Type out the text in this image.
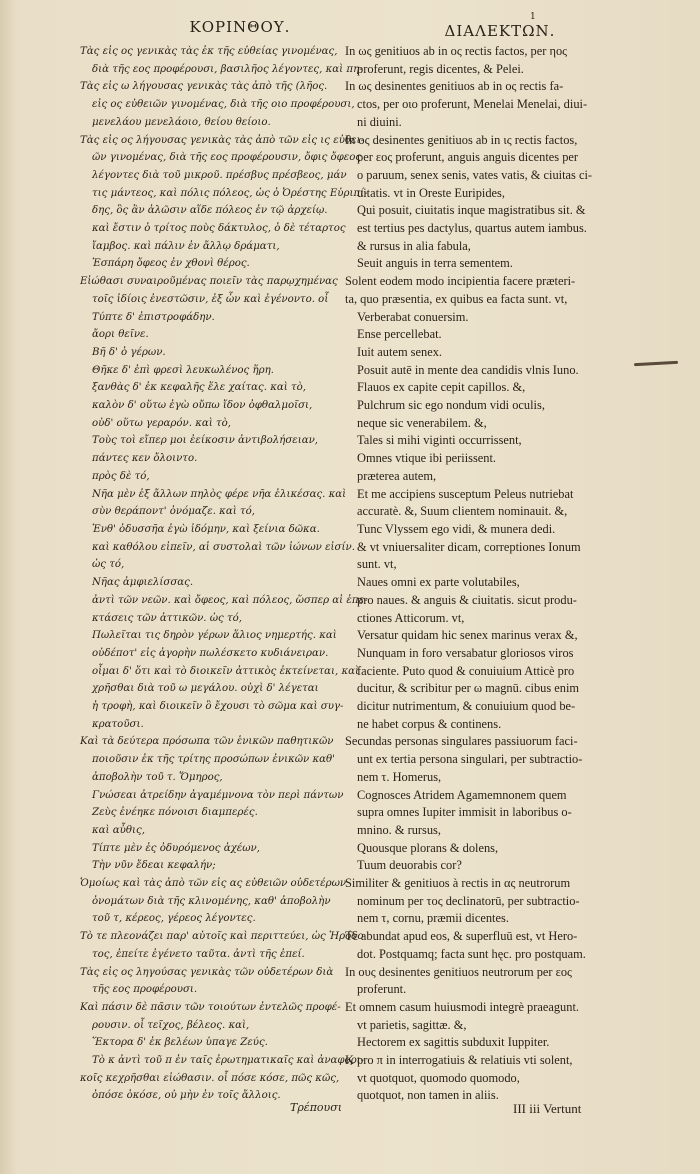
ΚΟΡΙΝΘΟΥ.
1
ΔΙΑΛΕΚΤΩΝ.
Τὰς εἰς ος γενικὰς τὰς ἐκ τῆς εὐθείας γινομένας,
διὰ τῆς εος προφέρουσι, βασιλῆος λέγοντες, καὶ πη-
Τὰς εἰς ω λήγουσας γενικὰς τὰς ἀπὸ τῆς (λῆος.
εἰς ος εὐθειῶν γινομένας, διὰ τῆς οιο προφέρουσι,
μενελάου μενελάοιο, θείου θείοιο.
Τὰς εἰς ος λήγουσας γενικὰς τὰς ἀπὸ τῶν εἰς ις εὐθει-
ῶν γινομένας, διὰ τῆς εος προφέρουσιν, ὄφις ὄφεος
λέγοντες διὰ τοῦ μικροῦ. πρέσβυς πρέσβεος, μάν
τις μάντεος, καὶ πόλις πόλεος, ὡς ὁ Ὀρέστης Εὐριπί-
δης, ὃς ἂν ἁλῶσιν αἵδε πόλεος ἐν τῷ ἀρχείῳ.
καὶ ἔστιν ὁ τρίτος ποὺς δάκτυλος, ὁ δὲ τέταρτος
ἴαμβος. καὶ πάλιν ἐν ἄλλῳ δράματι,
Ἐσπάρη ὄφεος ἐν χθονὶ θέρος.
Εἰώθασι συναιροῦμένας ποιεῖν τὰς παρῳχημένας
τοῖς ἰδίοις ἐνεστῶσιν, ἐξ ὧν καὶ ἐγένοντο. οἷ
Τύπτε δ' ἐπιστροφάδην.
ἄορι θεῖνε.
Βῆ δ' ὁ γέρων.
Θῆκε δ' ἐπὶ φρεσὶ λευκωλένος ἥρη.
ξανθὰς δ' ἐκ κεφαλῆς ἕλε χαίτας. καὶ τὸ,
καλὸν δ' οὕτω ἐγὼ οὔπω ἴδον ὀφθαλμοῖσι,
οὐδ' οὕτω γεραρόν. καὶ τὸ,
Τοὺς τοὶ εἴπερ μοι ἐείκοσιν ἀντιβολήσειαν,
πάντες κεν ὄλοιντο.
πρὸς δὲ τό,
Νῆα μὲν ἐξ ἄλλων πηλὸς φέρε νῆα ἐλικέσας. καὶ
σὺν θεράποντ' ὀνόμαζε. καὶ τό,
Ἐνθ' ὀδυσσῆα ἐγὼ ἰδόμην, καὶ ξείνια δῶκα.
καὶ καθόλου εἰπεῖν, αἱ συστολαὶ τῶν ἰώνων εἰσίν.
ὡς τό,
Νῆας ἀμφιελίσσας.
ἀντὶ τῶν νεῶν. καὶ ὄφεος, καὶ πόλεος, ὥσπερ αἱ ἐπε-
κτάσεις τῶν ἀττικῶν. ὡς τό,
Πωλεῖται τις δηρὸν γέρων ἅλιος νημερτής. καὶ
οὐδέποτ' εἰς ἀγορὴν πωλέσκετο κυδιάνειραν.
οἶμαι δ' ὅτι καὶ τὸ διοικεῖν ἀττικὸς ἐκτείνεται, καὶ
χρῆσθαι διὰ τοῦ ω μεγάλου. οὐχὶ δ' λέγεται
ἡ τροφὴ, καὶ διοικεῖν ὃ ἔχουσι τὸ σῶμα καὶ συγ-
κρατοῦσι.
Καὶ τὰ δεύτερα πρόσωπα τῶν ἑνικῶν παθητικῶν
ποιοῦσιν ἐκ τῆς τρίτης προσώπων ἑνικῶν καθ'
ἀποβολὴν τοῦ τ. Ὅμηρος,
Γνώσεαι ἀτρείδην ἀγαμέμνονα τὸν περὶ πάντων
Ζεὺς ἐνέηκε πόνοισι διαμπερές.
καὶ αὖθις,
Τίπτε μὲν ἐς ὀδυρόμενος ἀχέων,
Τὴν νῦν ἔδεαι κεφαλήν;
Ὁμοίως καὶ τὰς ἀπὸ τῶν εἰς ας εὐθειῶν οὐδετέρων
ὀνομάτων διὰ τῆς κλινομένης, καθ' ἀποβολὴν
τοῦ τ, κέρεος, γέρεος λέγοντες.
Τὸ τε πλεονάζει παρ' αὐτοῖς καὶ περιττεύει, ὡς Ἡρόδο
τος, ἐπείτε ἐγένετο ταῦτα. ἀντὶ τῆς ἐπεί.
Τὰς εἰς ος ληγούσας γενικὰς τῶν οὐδετέρων διὰ
τῆς εος προφέρουσι.
Καὶ πάσιν δὲ πᾶσιν τῶν τοιούτων ἐντελῶς προφέ-
ρουσιν. οἷ τεῖχος, βέλεος. καὶ,
Ἕκτορα δ' ἐκ βελέων ὑπαγε Ζεύς.
Τὸ κ ἀντὶ τοῦ π ἐν ταῖς ἐρωτηματικαῖς καὶ ἀναφορι-
κοῖς κεχρῆσθαι εἰώθασιν. οἷ πόσε κόσε, πῶς κῶς,
ὁπόσε ὁκόσε, οὐ μὴν ἐν τοῖς ἄλλοις.
In ως genitiuos ab in ος rectis factos, per ηος
proferunt, regis dicentes, & Pelei.
In ως desinentes genitiuos ab in ος rectis fa-
ctos, per οιο proferunt, Menelai Menelai, diui-
ni diuini.
In ος desinentes genitiuos ab in ις rectis factos,
per εος proferunt, anguis anguis dicentes per
o paruum, senex senis, vates vatis, & ciuitas ci-
uitatis. vt in Oreste Euripides,
Qui posuit, ciuitatis inque magistratibus sit. &
est tertius pes dactylus, quartus autem iambus.
& rursus in alia fabula,
Seuit anguis in terra sementem.
Solent eodem modo incipientia facere præteri-
ta, quo præsentia, ex quibus ea facta sunt. vt,
Verberabat conuersim.
Ense percellebat.
Iuit autem senex.
Posuit autē in mente dea candidis vlnis Iuno.
Flauos ex capite cepit capillos. &,
Pulchrum sic ego nondum vidi oculis,
neque sic venerabilem. &,
Tales si mihi viginti occurrissent,
Omnes vtique ibi periissent.
præterea autem,
Et me accipiens susceptum Peleus nutriebat
accuratè. &, Suum clientem nominauit. &,
Tunc Vlyssem ego vidi, & munera dedi.
& vt vniuersaliter dicam, correptiones Ionum
sunt. vt,
Naues omni ex parte volutabiles,
pro naues. & anguis & ciuitatis. sicut produ-
ctiones Atticorum. vt,
Versatur quidam hic senex marinus verax &,
Nunquam in foro versabatur gloriosos viros
faciente. Puto quod & conuiuium Atticè pro
ducitur, & scribitur per ω magnū. cibus enim
dicitur nutrimentum, & conuiuium quod be-
ne habet corpus & continens.
Secundas personas singulares passiuorum faci-
unt ex tertia persona singulari, per subtractio-
nem τ. Homerus,
Cognosces Atridem Agamemnonem quem
supra omnes Iupiter immisit in laboribus o-
mnino. & rursus,
Quousque plorans & dolens,
Tuum deuorabis cor?
Similiter & genitiuos à rectis in ας neutrorum
nominum per τος declinatorū, per subtractio-
nem τ, cornu, præmii dicentes.
Tε abundat apud eos, & superfluū est, vt Hero-
dot. Postquamq; facta sunt hęc. pro postquam.
In ους desinentes genitiuos neutrorum per εος
proferunt.
Et omnem casum huiusmodi integrè praeagunt.
vt parietis, sagittæ. &,
Hectorem ex sagittis subduxit Iuppiter.
K pro π in interrogatiuis & relatiuis vti solent,
vt quotquot, quomodo quomodo,
quotquot, non tamen in aliis.
Τρέπουσι	III iii Vertunt
